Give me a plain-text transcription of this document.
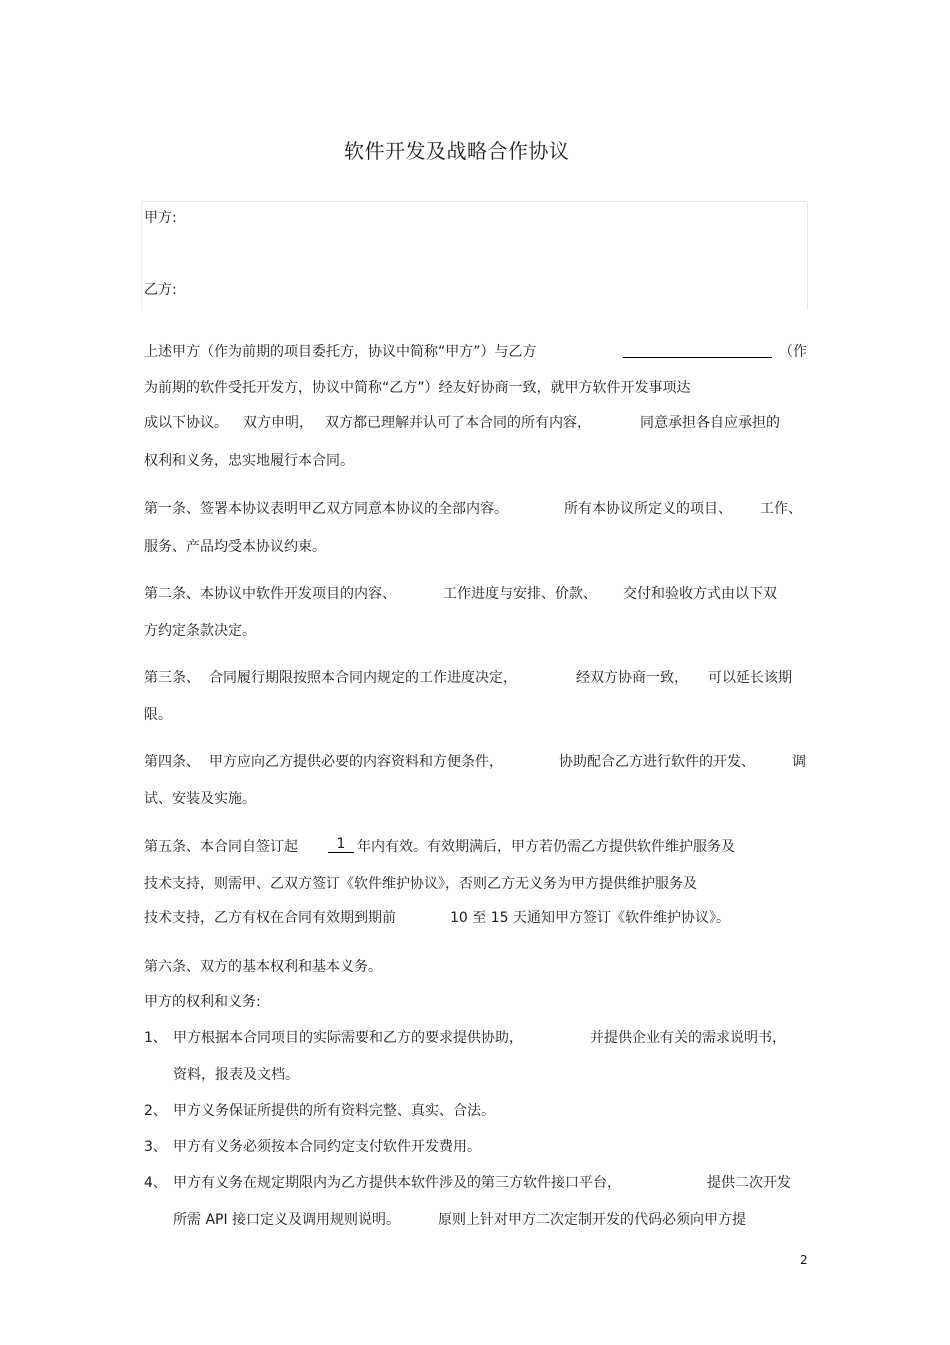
软件开发及战略合作协议
甲方:
乙方:
上述甲方（作为前期的项目委托方，协议中简称“甲方”）与乙方	（作
为前期的软件受托开发方，协议中简称“乙方”）经友好协商一致，就甲方软件开发事项达
成以下协议。 双方申明， 双方都已理解并认可了本合同的所有内容，	同意承担各自应承担的
权利和义务，忠实地履行本合同。
第一条、签署本协议表明甲乙双方同意本协议的全部内容。	所有本协议所定义的项目、 工作、
服务、产品均受本协议约束。
第二条、本协议中软件开发项目的内容、	工作进度与安排、价款、 交付和验收方式由以下双
方约定条款决定。
第三条、 合同履行期限按照本合同内规定的工作进度决定，	经双方协商一致， 可以延长该期
限。
第四条、 甲方应向乙方提供必要的内容资料和方便条件，	协助配合乙方进行软件的开发、	调
试、安装及实施。
第五条、本合同自签订起	1 年内有效。有效期满后，甲方若仍需乙方提供软件维护服务及
技术支持，则需甲、乙双方签订《软件维护协议》，否则乙方无义务为甲方提供维护服务及
技术支持，乙方有权在合同有效期到期前	10 至 15 天通知甲方签订《软件维护协议》。
第六条、双方的基本权利和基本义务。
甲方的权利和义务:
1、 甲方根据本合同项目的实际需要和乙方的要求提供协助，	并提供企业有关的需求说明书，
资料，报表及文档。
2、 甲方义务保证所提供的所有资料完整、真实、合法。
3、 甲方有义务必须按本合同约定支付软件开发费用。
4、 甲方有义务在规定期限内为乙方提供本软件涉及的第三方软件接口平台，	提供二次开发
所需 API 接口定义及调用规则说明。	原则上针对甲方二次定制开发的代码必须向甲方提
2
